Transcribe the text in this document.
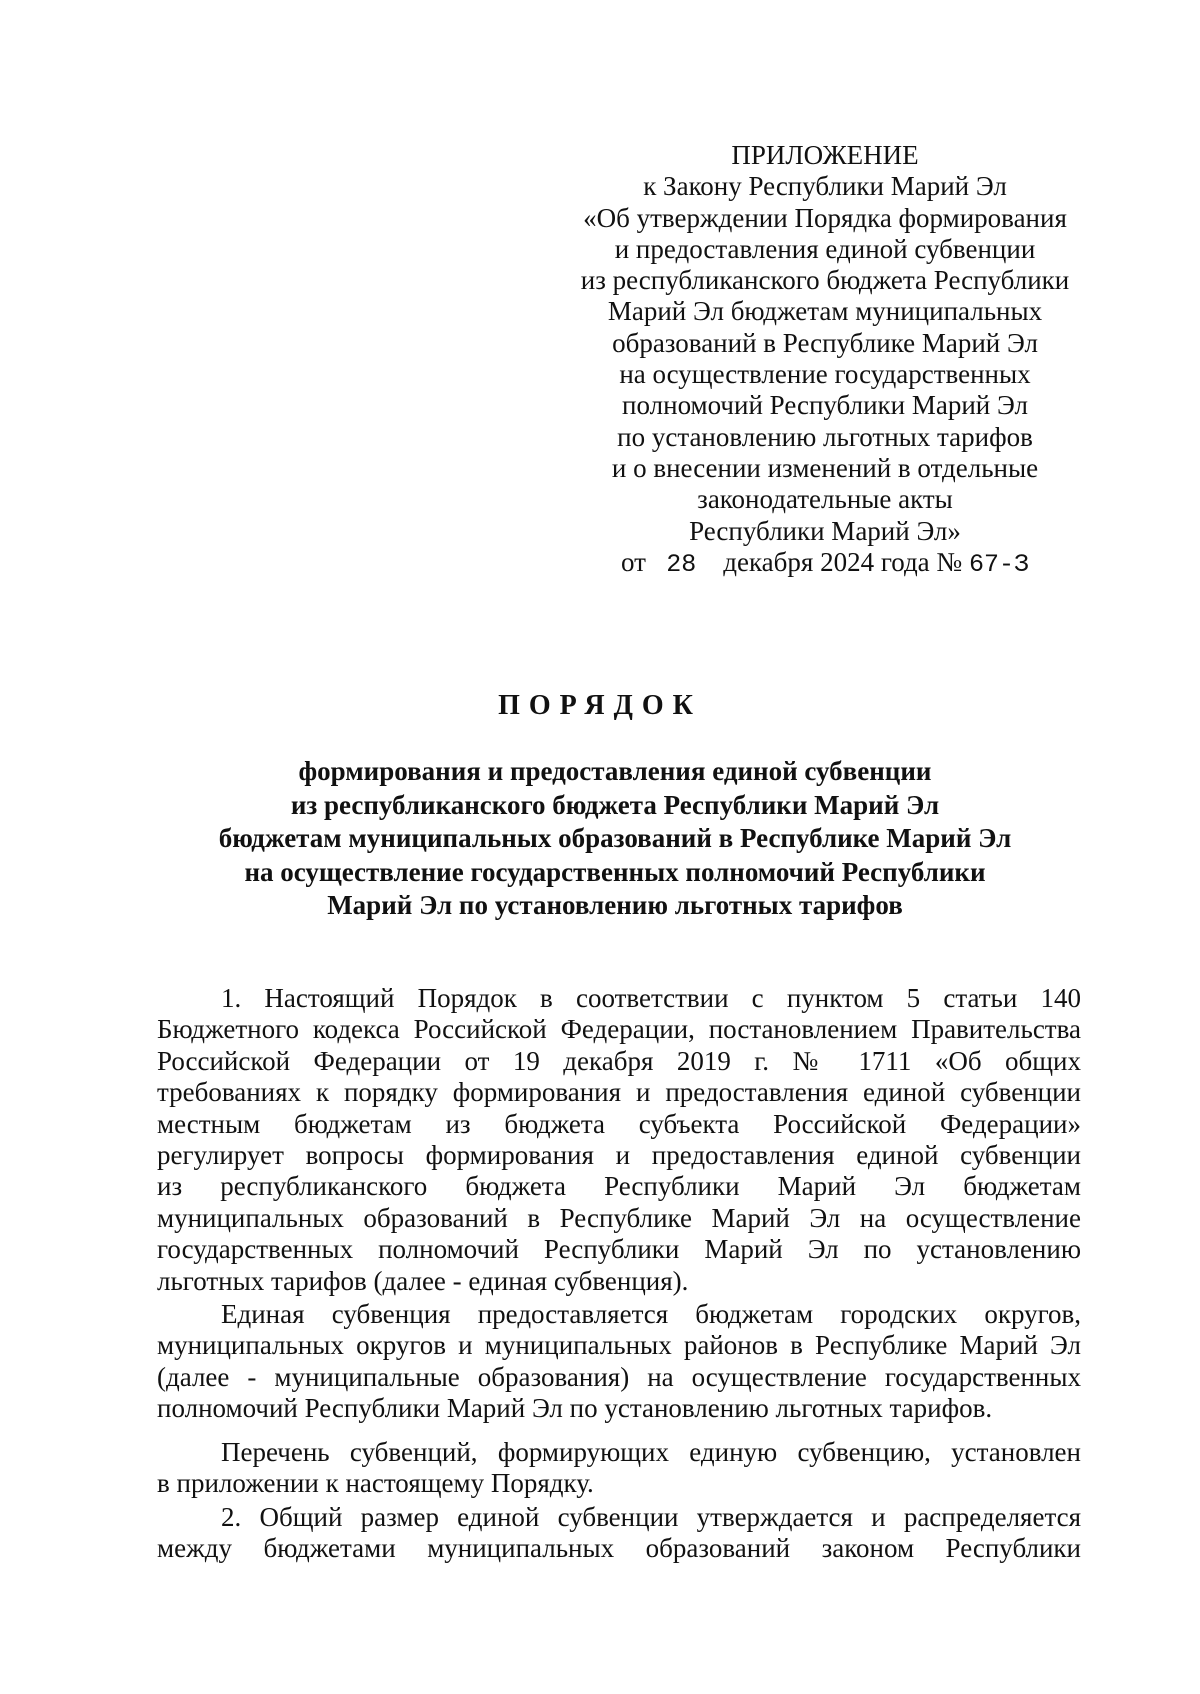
ПРИЛОЖЕНИЕ
к Закону Республики Марий Эл
«Об утверждении Порядка формирования
и предоставления единой субвенции
из республиканского бюджета Республики
Марий Эл бюджетам муниципальных
образований в Республике Марий Эл
на осуществление государственных
полномочий Республики Марий Эл
по установлению льготных тарифов
и о внесении изменений в отдельные
законодательные акты
Республики Марий Эл»
от 28 декабря 2024 года № 67-З
ПОРЯДОК
формирования и предоставления единой субвенции
из республиканского бюджета Республики Марий Эл
бюджетам муниципальных образований в Республике Марий Эл
на осуществление государственных полномочий Республики
Марий Эл по установлению льготных тарифов
1. Настоящий Порядок в соответствии с пунктом 5 статьи 140
Бюджетного кодекса Российской Федерации, постановлением Правительства
Российской Федерации от 19 декабря 2019 г. № 1711 «Об общих
требованиях к порядку формирования и предоставления единой субвенции
местным бюджетам из бюджета субъекта Российской Федерации»
регулирует вопросы формирования и предоставления единой субвенции
из республиканского бюджета Республики Марий Эл бюджетам
муниципальных образований в Республике Марий Эл на осуществление
государственных полномочий Республики Марий Эл по установлению
льготных тарифов (далее - единая субвенция).
Единая субвенция предоставляется бюджетам городских округов,
муниципальных округов и муниципальных районов в Республике Марий Эл
(далее - муниципальные образования) на осуществление государственных
полномочий Республики Марий Эл по установлению льготных тарифов.
Перечень субвенций, формирующих единую субвенцию, установлен
в приложении к настоящему Порядку.
2. Общий размер единой субвенции утверждается и распределяется
между бюджетами муниципальных образований законом Республики
